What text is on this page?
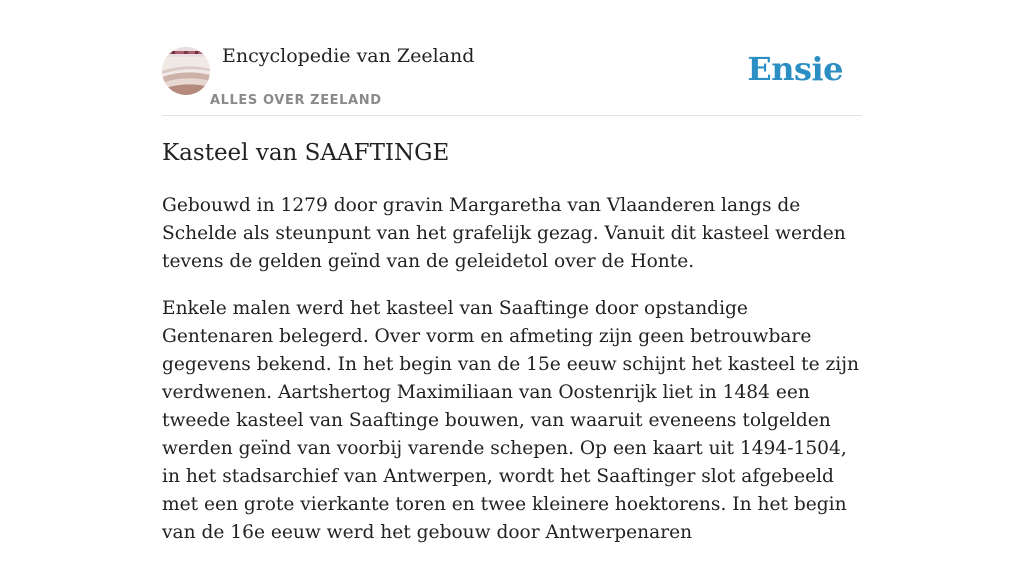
Encyclopedie van Zeeland
ALLES OVER ZEELAND
Ensie
Kasteel van SAAFTINGE

Gebouwd in 1279 door gravin Margaretha van Vlaanderen langs de Schelde als steunpunt van het grafelijk gezag. Vanuit dit kasteel werden tevens de gelden geïnd van de geleidetol over de Honte.

Enkele malen werd het kasteel van Saaftinge door opstandige Gentenaren belegerd. Over vorm en afmeting zijn geen betrouwbare gegevens bekend. In het begin van de 15e eeuw schijnt het kasteel te zijn verdwenen. Aartshertog Maximiliaan van Oostenrijk liet in 1484 een tweede kasteel van Saaftinge bouwen, van waaruit eveneens tolgelden werden geïnd van voorbij varende schepen. Op een kaart uit 1494-1504, in het stadsarchief van Antwerpen, wordt het Saaftinger slot afgebeeld met een grote vierkante toren en twee kleinere hoektorens. In het begin van de 16e eeuw werd het gebouw door Antwerpenaren
